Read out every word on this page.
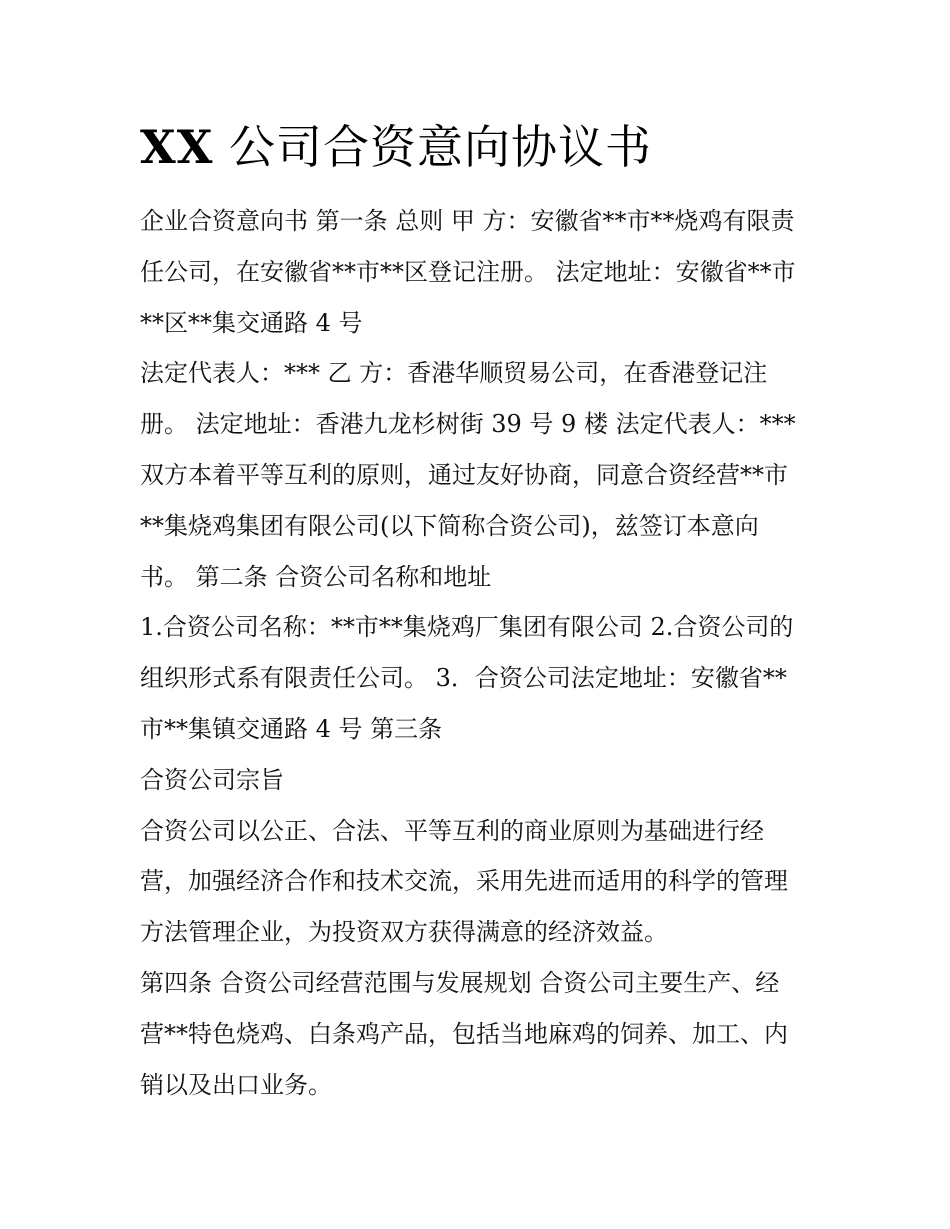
XX 公司合资意向协议书
企业合资意向书 第一条 总则 甲 方：安徽省**市**烧鸡有限责
任公司，在安徽省**市**区登记注册。 法定地址：安徽省**市
**区**集交通路 4 号
法定代表人：*** 乙 方：香港华顺贸易公司，在香港登记注
册。 法定地址：香港九龙杉树街 39 号 9 楼 法定代表人：***
双方本着平等互利的原则，通过友好协商，同意合资经营**市
**集烧鸡集团有限公司(以下简称合资公司)，兹签订本意向
书。 第二条 合资公司名称和地址
1.合资公司名称：**市**集烧鸡厂集团有限公司 2.合资公司的
组织形式系有限责任公司。 3．合资公司法定地址：安徽省**
市**集镇交通路 4 号 第三条
合资公司宗旨
合资公司以公正、合法、平等互利的商业原则为基础进行经
营，加强经济合作和技术交流，采用先进而适用的科学的管理
方法管理企业，为投资双方获得满意的经济效益。
第四条 合资公司经营范围与发展规划 合资公司主要生产、经
营**特色烧鸡、白条鸡产品，包括当地麻鸡的饲养、加工、内
销以及出口业务。
